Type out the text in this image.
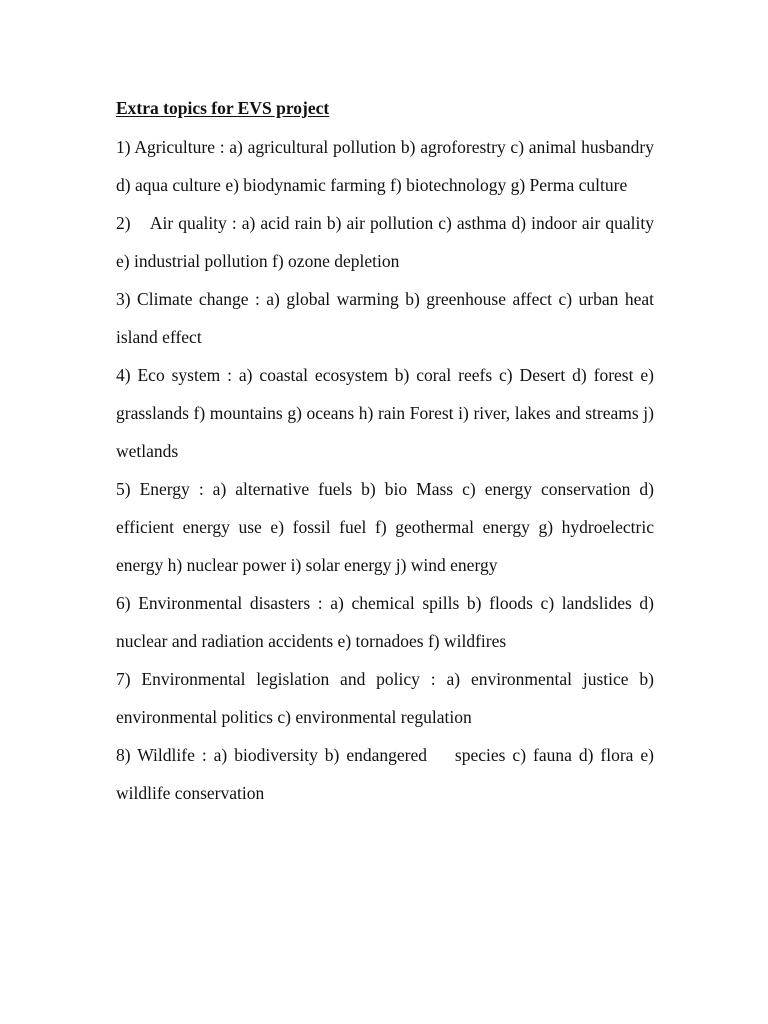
Extra topics for EVS project

1) Agriculture : a) agricultural pollution b) agroforestry c) animal husbandry d) aqua culture e) biodynamic farming f) biotechnology g) Perma culture

2)    Air quality : a) acid rain b) air pollution c) asthma d) indoor air quality e) industrial pollution f) ozone depletion

3) Climate change : a) global warming b) greenhouse affect c) urban heat island effect

4) Eco system : a) coastal ecosystem b) coral reefs c) Desert d) forest e) grasslands f) mountains g) oceans h) rain Forest i) river, lakes and streams j) wetlands

5) Energy : a) alternative fuels b) bio Mass c) energy conservation d) efficient energy use e) fossil fuel f) geothermal energy g) hydroelectric energy h) nuclear power i) solar energy j) wind energy

6) Environmental disasters : a) chemical spills b) floods c) landslides d) nuclear and radiation accidents e) tornadoes f) wildfires

7) Environmental legislation and policy : a) environmental justice b) environmental politics c) environmental regulation

8) Wildlife : a) biodiversity b) endangered    species c) fauna d) flora e) wildlife conservation
